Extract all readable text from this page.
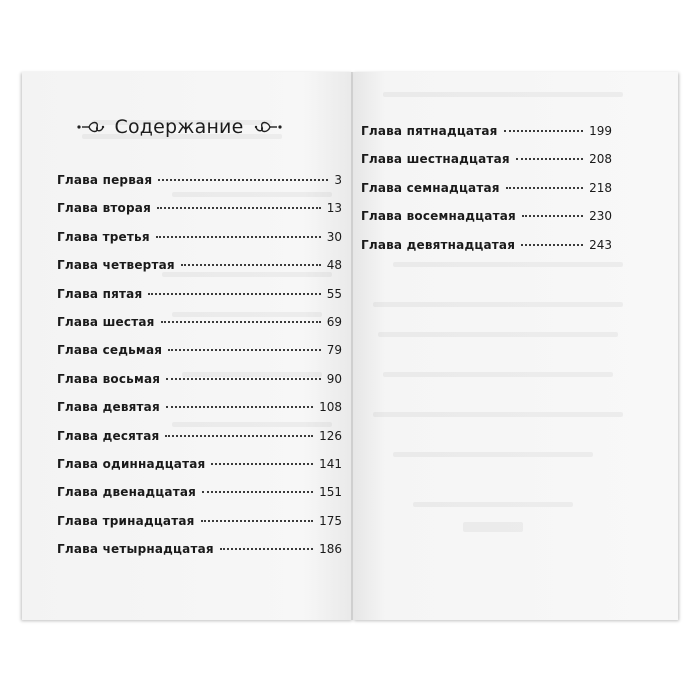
Содержание
Глава первая	3
Глава вторая	13
Глава третья	30
Глава четвертая	48
Глава пятая	55
Глава шестая	69
Глава седьмая	79
Глава восьмая	90
Глава девятая	108
Глава десятая	126
Глава одиннадцатая	141
Глава двенадцатая	151
Глава тринадцатая	175
Глава четырнадцатая	186
Глава пятнадцатая	199
Глава шестнадцатая	208
Глава семнадцатая	218
Глава восемнадцатая	230
Глава девятнадцатая	243
